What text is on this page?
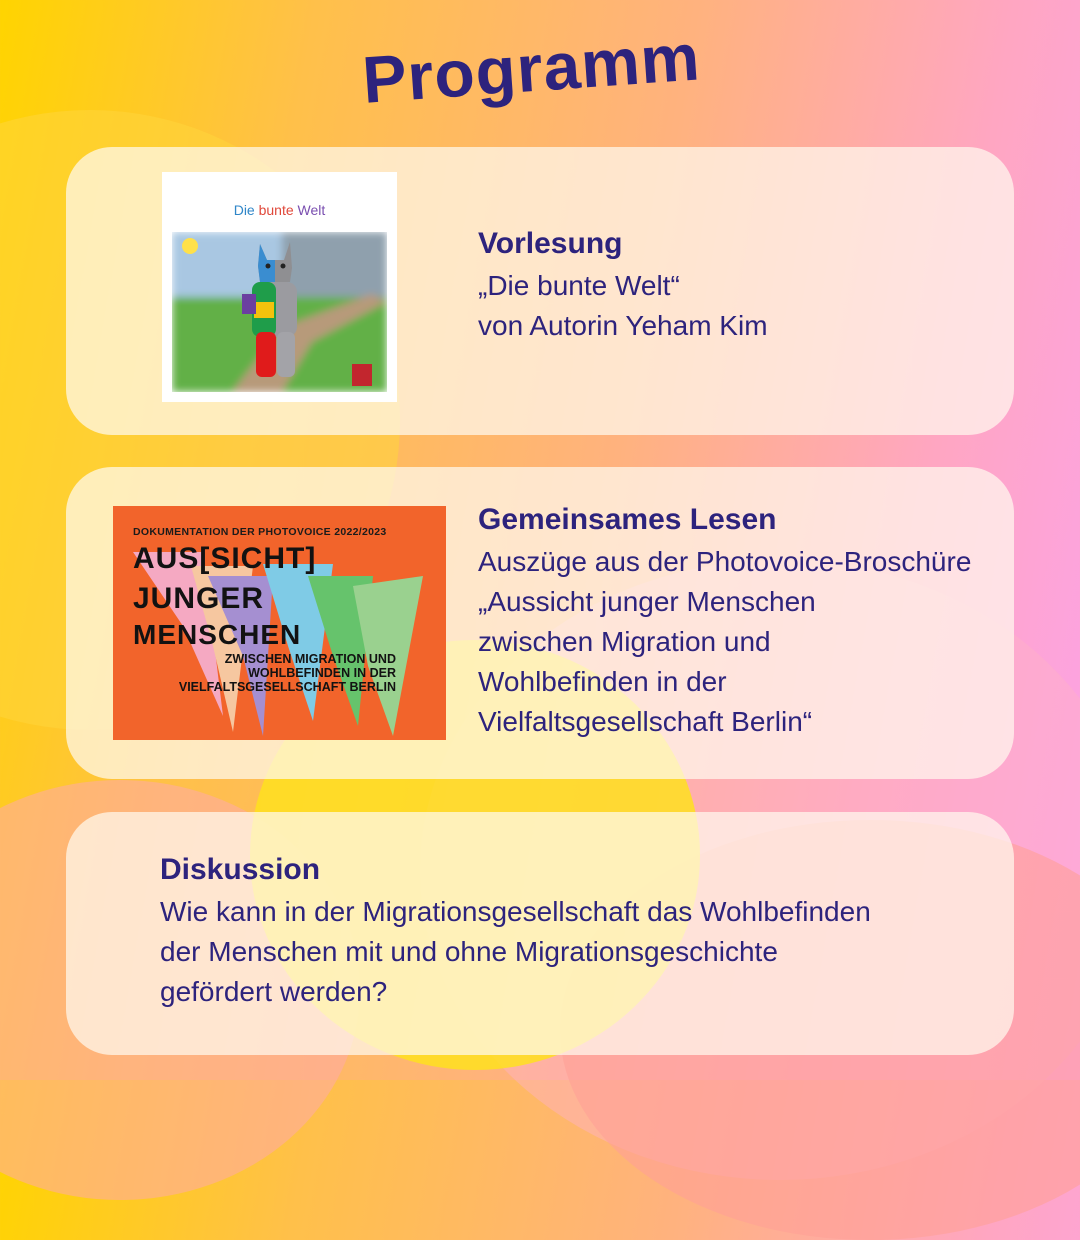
Programm
Die bunte Welt
Vorlesung
„Die bunte Welt“
von Autorin Yeham Kim
DOKUMENTATION DER PHOTOVOICE 2022/2023
AUS[SICHT]
JUNGER
MENSCHEN
ZWISCHEN MIGRATION UND
WOHLBEFINDEN IN DER
VIELFALTSGESELLSCHAFT BERLIN
Gemeinsames Lesen
Auszüge aus der Photovoice-Broschüre
„Aussicht junger Menschen
zwischen Migration und
Wohlbefinden in der
Vielfaltsgesellschaft Berlin“
Diskussion
Wie kann in der Migrationsgesellschaft das Wohlbefinden
der Menschen mit und ohne Migrationsgeschichte
gefördert werden?
